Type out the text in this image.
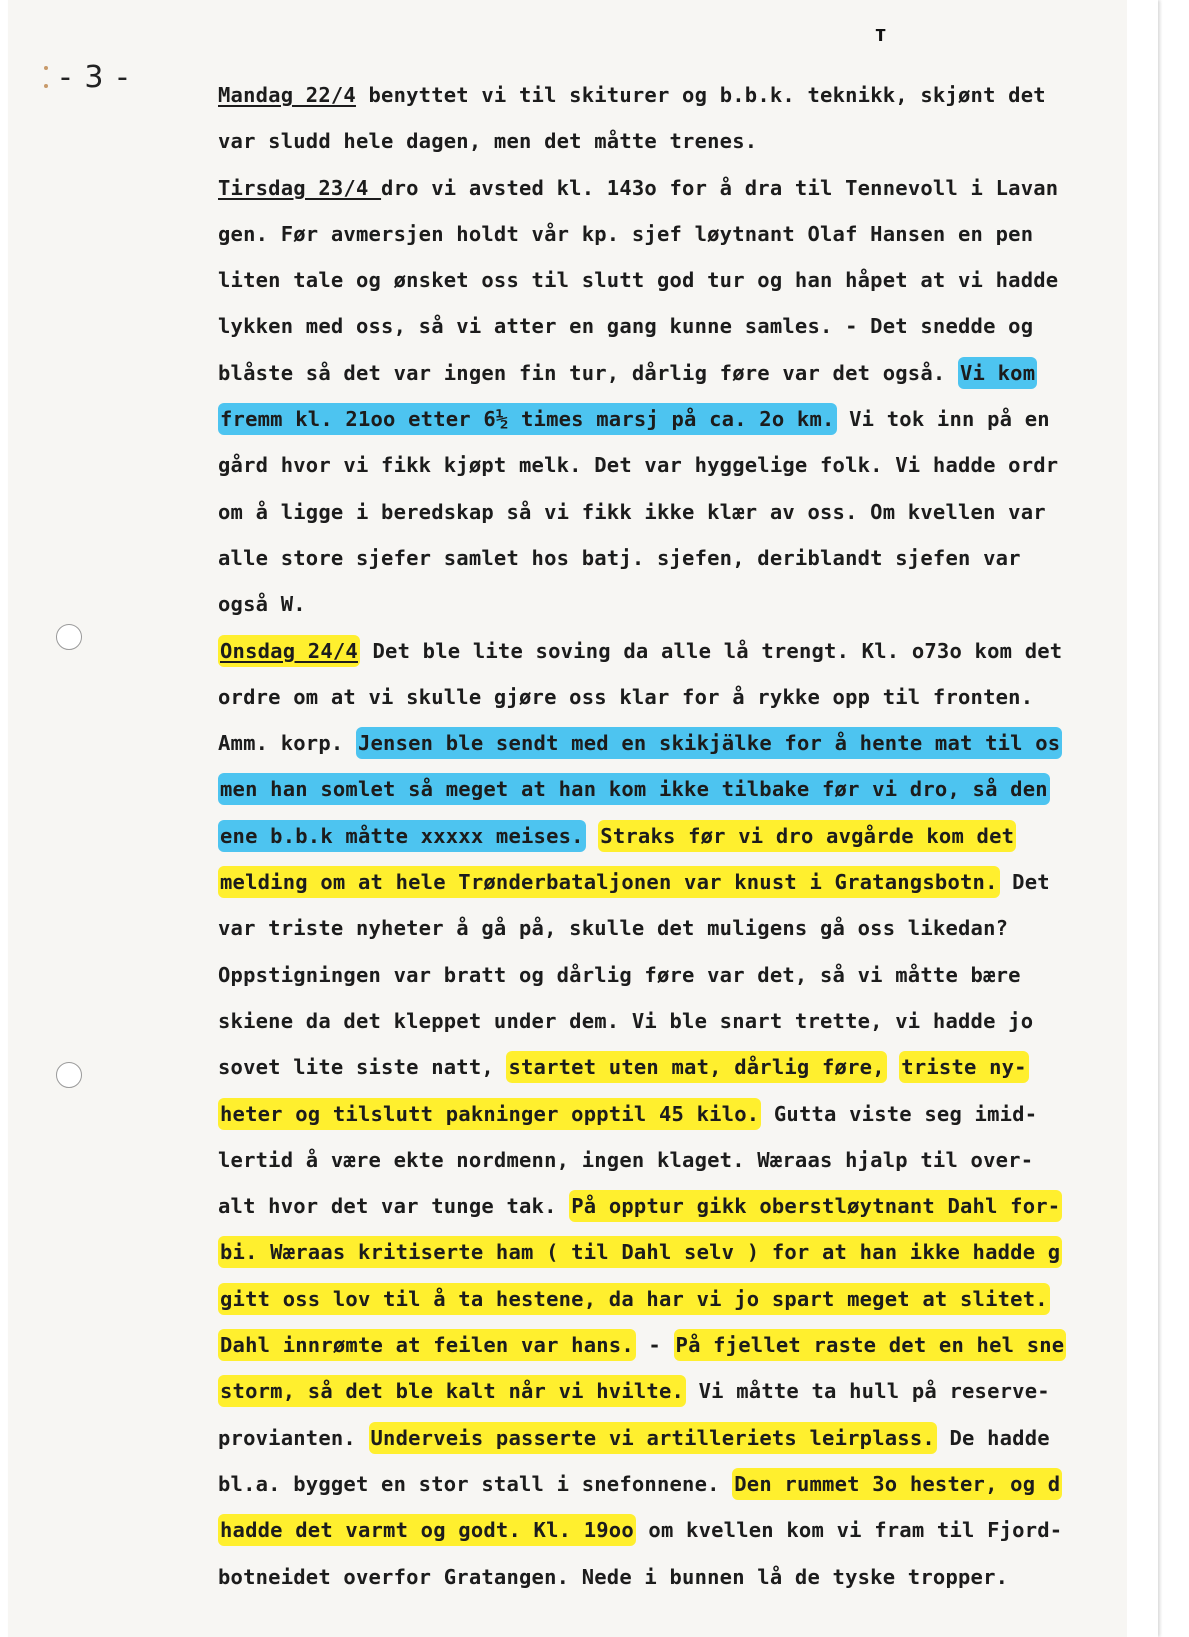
- 3 -
ᴛ
Mandag 22/4 benyttet vi til skiturer og b.b.k. teknikk, skjønt det
var sludd hele dagen, men det måtte trenes.
Tirsdag 23/4 dro vi avsted kl. 143o for å dra til Tennevoll i Lavan
gen. Før avmersjen holdt vår kp. sjef løytnant Olaf Hansen en pen
liten tale og ønsket oss til slutt god tur og han håpet at vi hadde
lykken med oss, så vi atter en gang kunne samles. - Det snedde og
blåste så det var ingen fin tur, dårlig føre var det også. Vi kom
fremm kl. 21oo etter 6½ times marsj på ca. 2o km. Vi tok inn på en
gård hvor vi fikk kjøpt melk. Det var hyggelige folk. Vi hadde ordr
om å ligge i beredskap så vi fikk ikke klær av oss. Om kvellen var
alle store sjefer samlet hos batj. sjefen, deriblandt sjefen var
også W.
Onsdag 24/4 Det ble lite soving da alle lå trengt. Kl. o73o kom det
ordre om at vi skulle gjøre oss klar for å rykke opp til fronten.
Amm. korp. Jensen ble sendt med en skikjälke for å hente mat til os
men han somlet så meget at han kom ikke tilbake før vi dro, så den
ene b.b.k måtte xxxxx meises. Straks før vi dro avgårde kom det
melding om at hele Trønderbataljonen var knust i Gratangsbotn. Det
var triste nyheter å gå på, skulle det muligens gå oss likedan?
Oppstigningen var bratt og dårlig føre var det, så vi måtte bære
skiene da det kleppet under dem. Vi ble snart trette, vi hadde jo
sovet lite siste natt, startet uten mat, dårlig føre, triste ny-
heter og tilslutt pakninger opptil 45 kilo. Gutta viste seg imid-
lertid å være ekte nordmenn, ingen klaget. Wæraas hjalp til over-
alt hvor det var tunge tak. På opptur gikk oberstløytnant Dahl for-
bi. Wæraas kritiserte ham ( til Dahl selv ) for at han ikke hadde g
gitt oss lov til å ta hestene, da har vi jo spart meget at slitet.
Dahl innrømte at feilen var hans. - På fjellet raste det en hel sne
storm, så det ble kalt når vi hvilte. Vi måtte ta hull på reserve-
provianten. Underveis passerte vi artilleriets leirplass. De hadde
bl.a. bygget en stor stall i snefonnene. Den rummet 3o hester, og d
hadde det varmt og godt. Kl. 19oo om kvellen kom vi fram til Fjord-
botneidet overfor Gratangen. Nede i bunnen lå de tyske tropper.
